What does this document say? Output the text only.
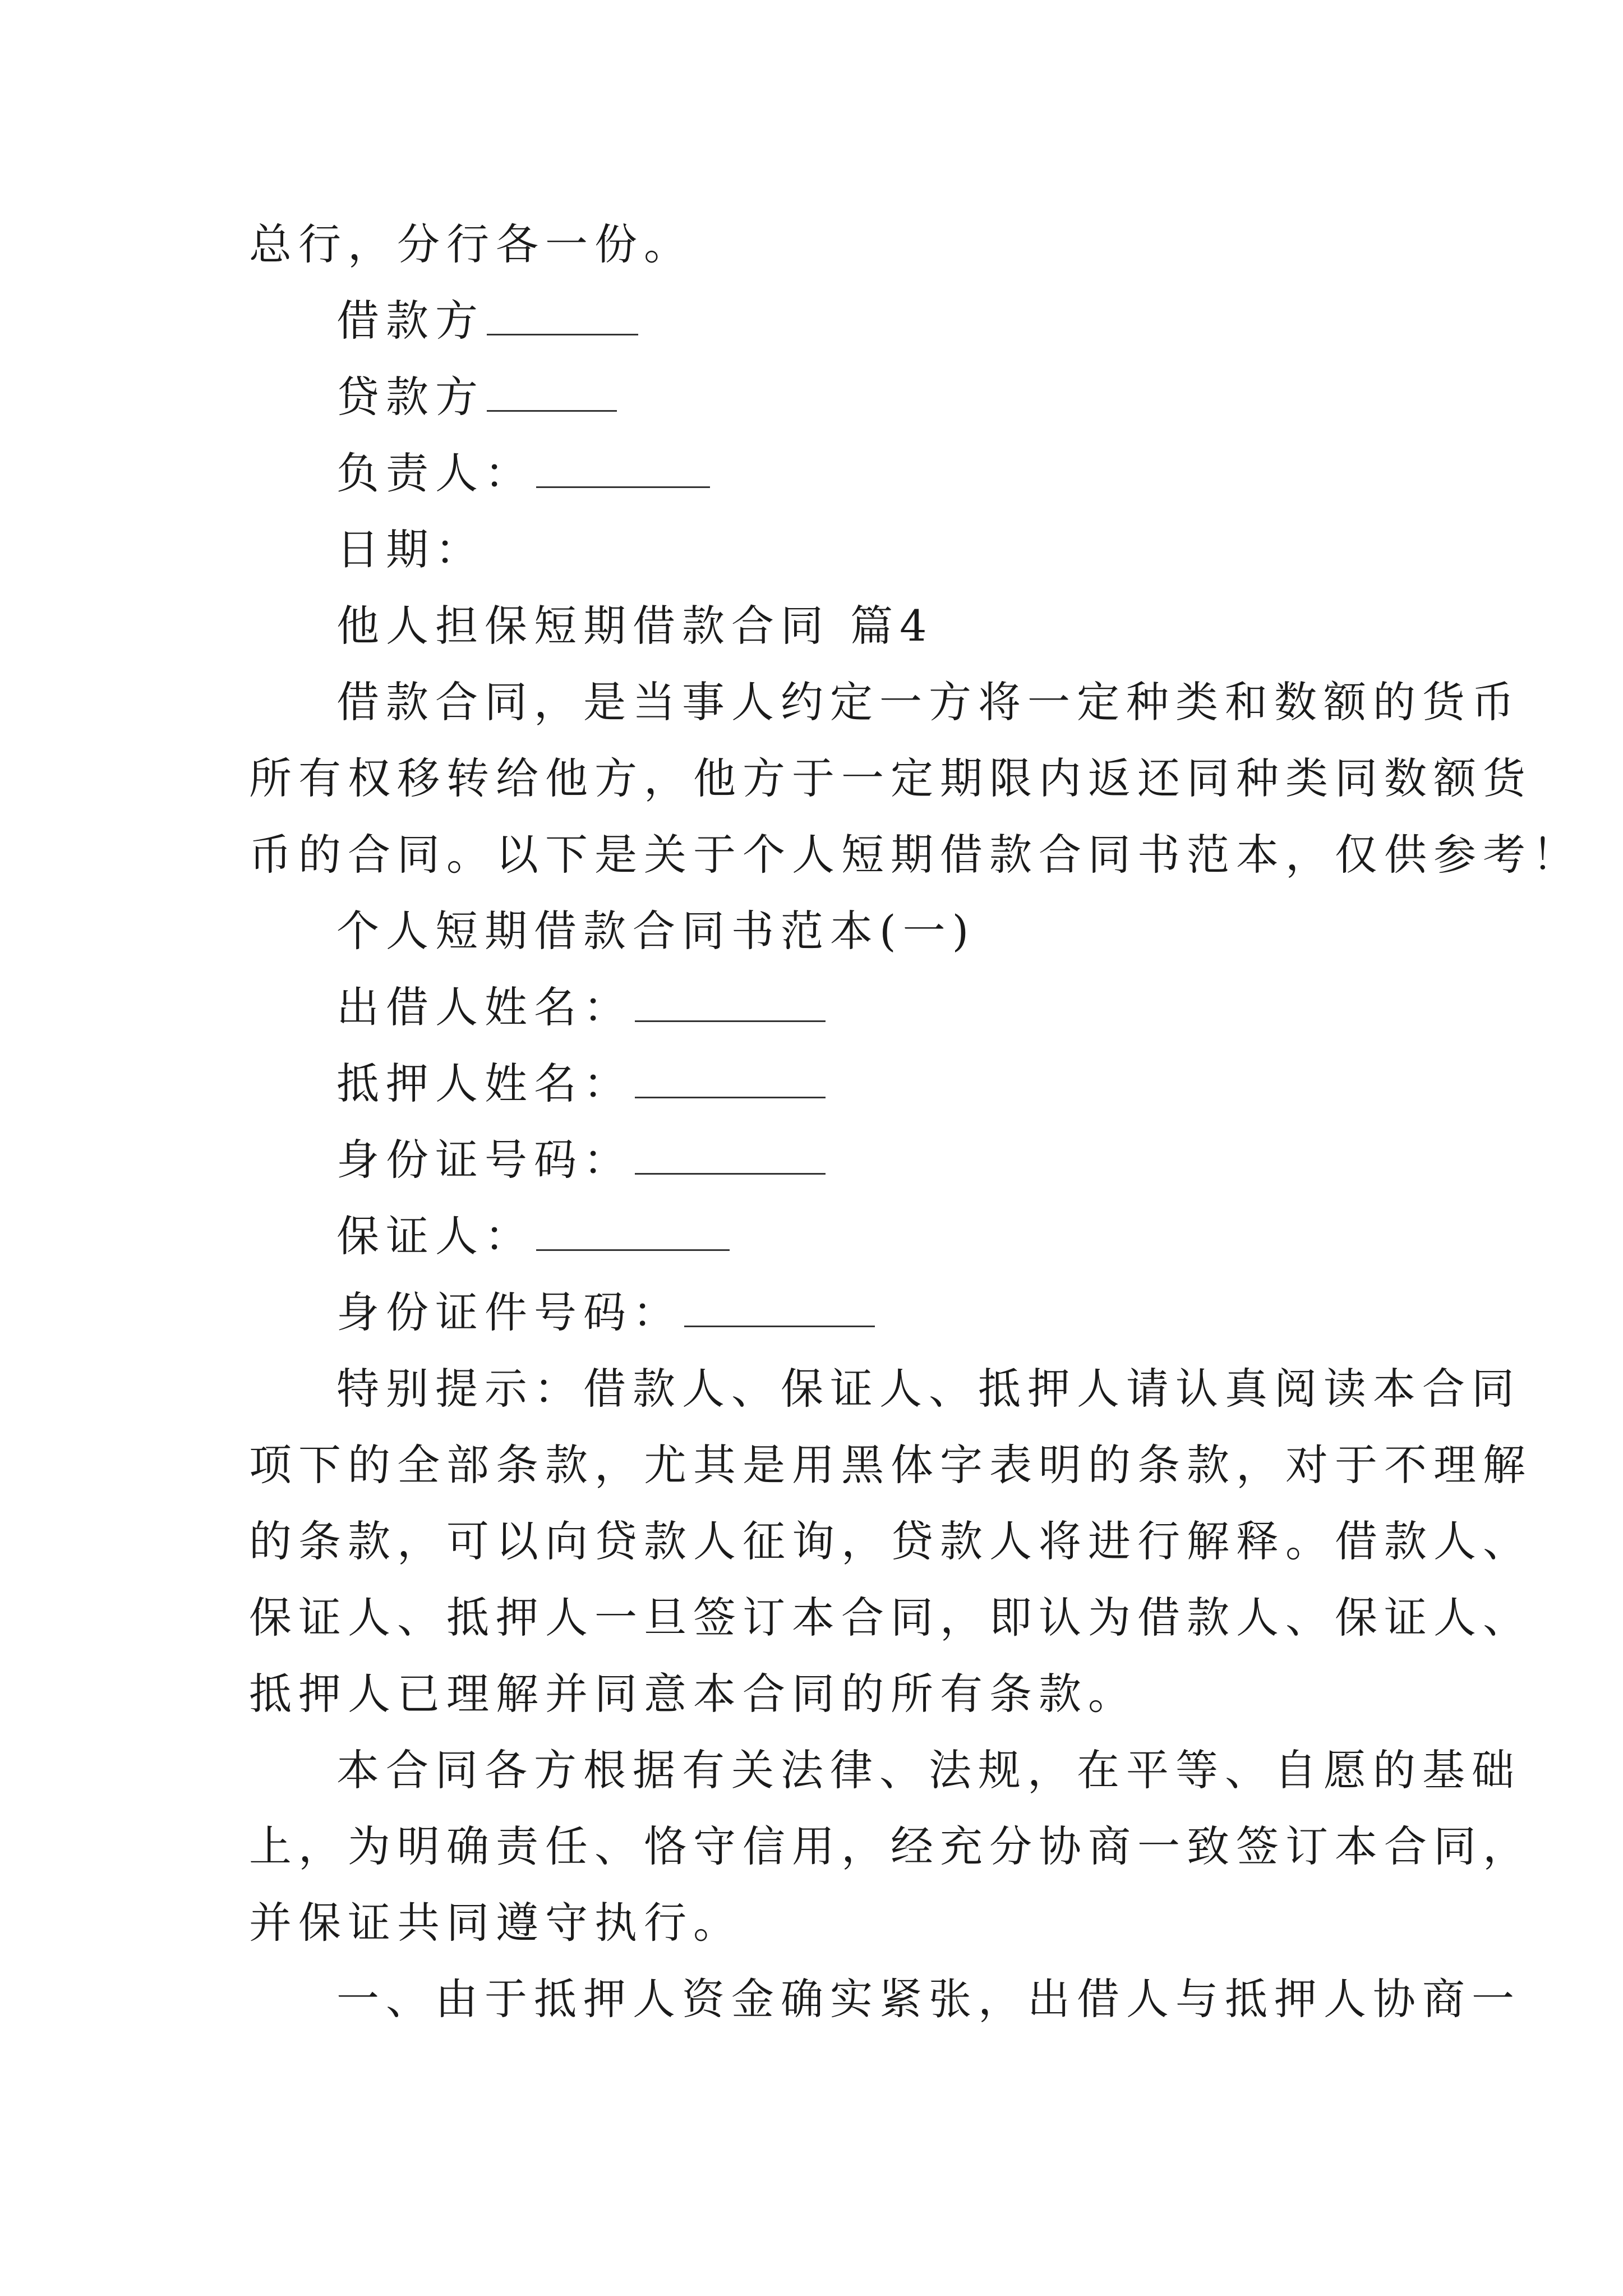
总行，分行各一份。
借款方
贷款方
负责人：
日期：
他人担保短期借款合同 篇4
借款合同，是当事人约定一方将一定种类和数额的货币
所有权移转给他方，他方于一定期限内返还同种类同数额货
币的合同。以下是关于个人短期借款合同书范本，仅供参考！
个人短期借款合同书范本(一)
出借人姓名：
抵押人姓名：
身份证号码：
保证人：
身份证件号码：
特别提示：借款人、保证人、抵押人请认真阅读本合同
项下的全部条款，尤其是用黑体字表明的条款，对于不理解
的条款，可以向贷款人征询，贷款人将进行解释。借款人、
保证人、抵押人一旦签订本合同，即认为借款人、保证人、
抵押人已理解并同意本合同的所有条款。
本合同各方根据有关法律、法规，在平等、自愿的基础
上，为明确责任、恪守信用，经充分协商一致签订本合同，
并保证共同遵守执行。
一、由于抵押人资金确实紧张，出借人与抵押人协商一
